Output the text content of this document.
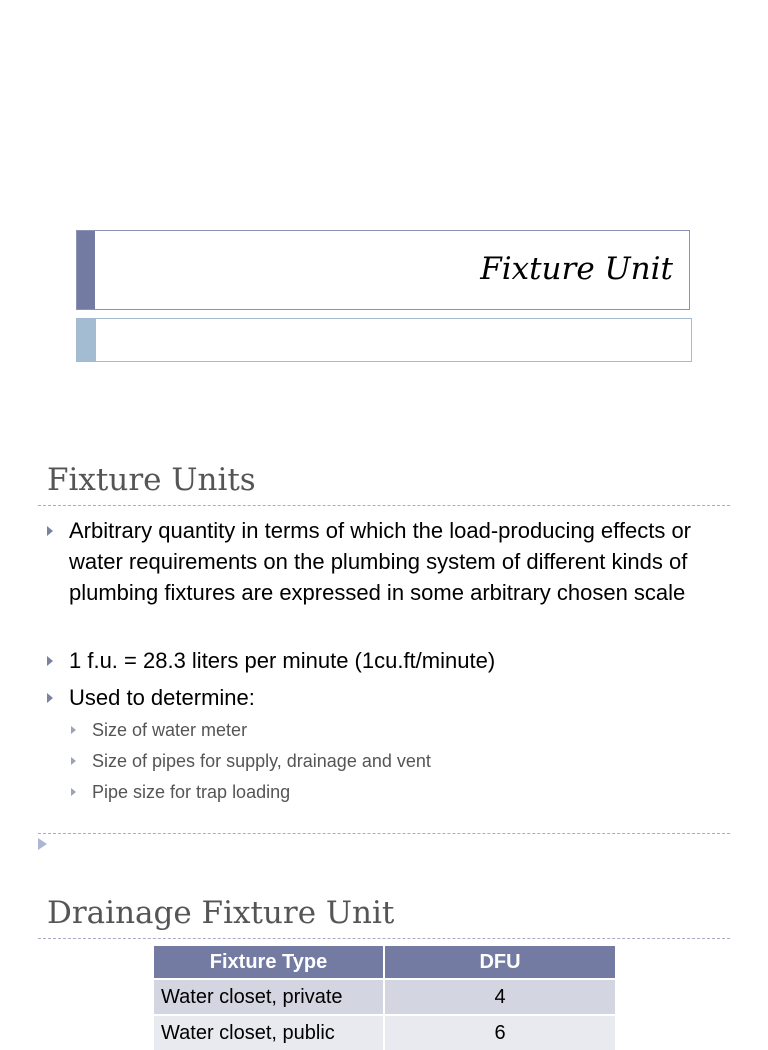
Fixture Unit
Fixture Units
Arbitrary quantity in terms of which the load-producing effects or water requirements on the plumbing system of different kinds of plumbing fixtures are expressed in some arbitrary chosen scale
1 f.u. = 28.3 liters per minute (1cu.ft/minute)
Used to determine:
Size of water meter
Size of pipes for supply, drainage and vent
Pipe size for trap loading
Drainage Fixture Unit
Fixture Type	DFU
Water closet, private	4
Water closet, public	6
